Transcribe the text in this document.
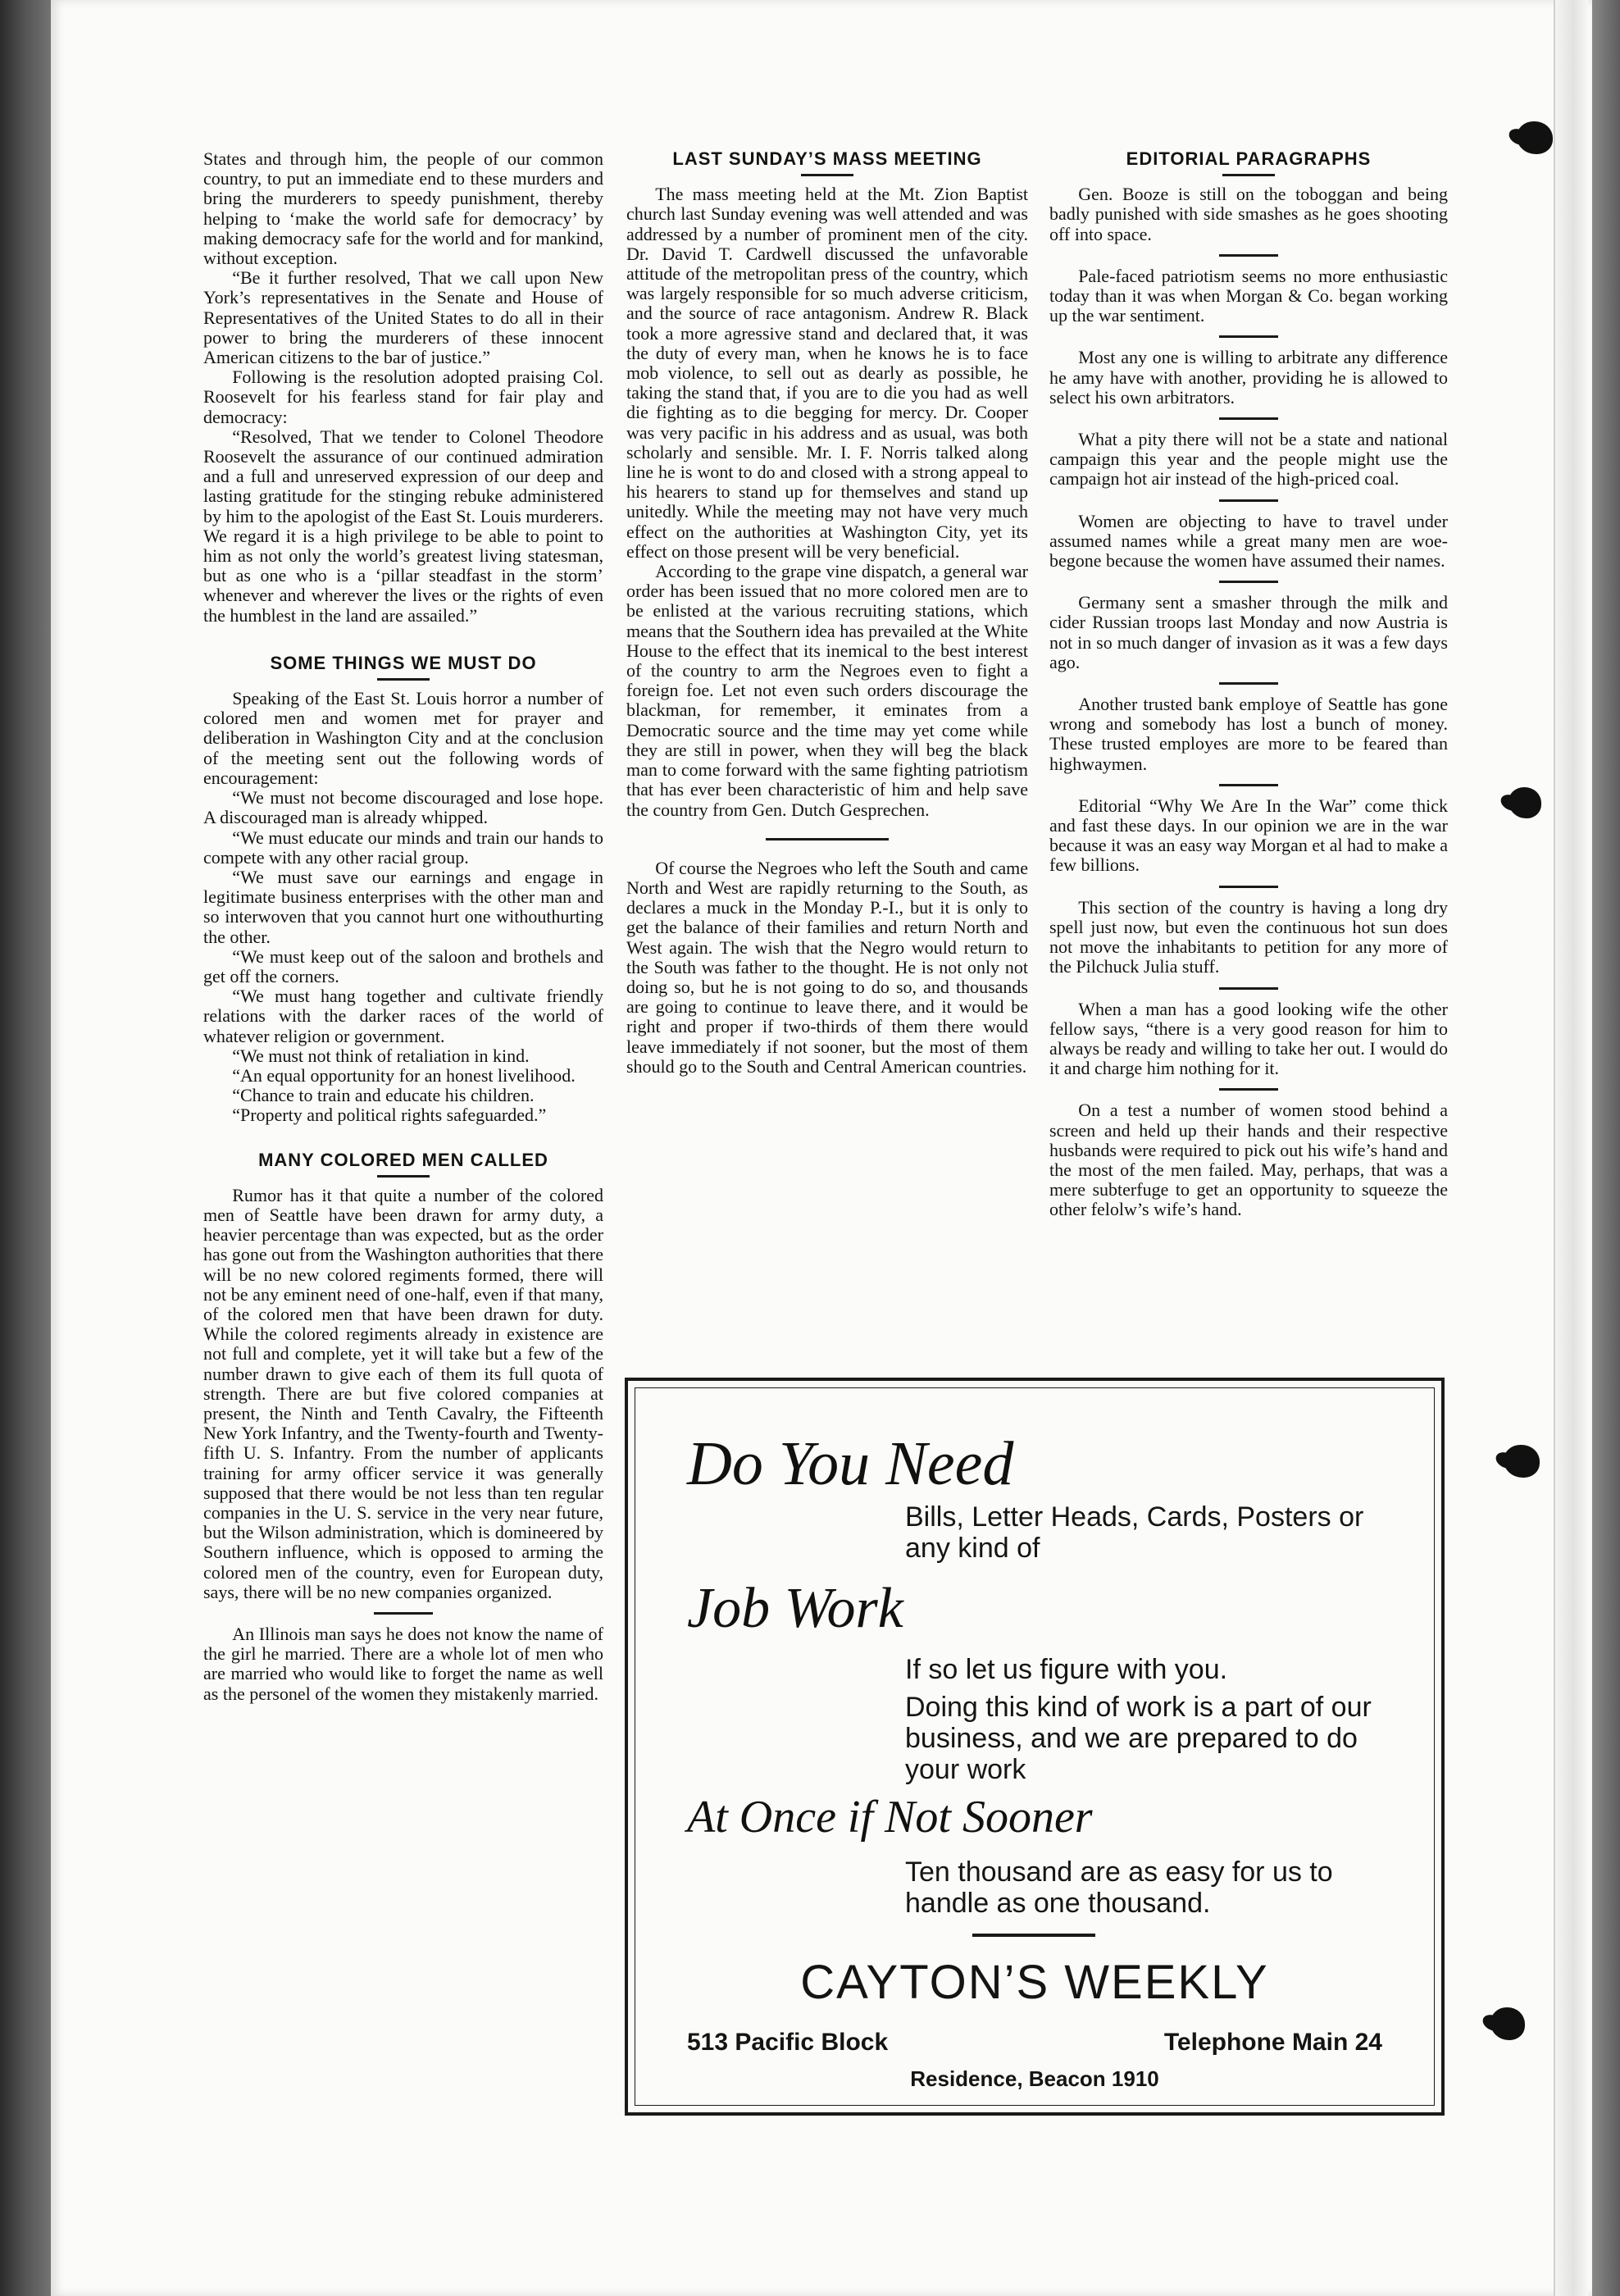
States and through him, the people of our common country, to put an immediate end to these murders and bring the murderers to speedy punishment, thereby helping to ‘make the world safe for democracy’ by making democracy safe for the world and for mankind, without exception.

“Be it further resolved, That we call upon New York’s representatives in the Senate and House of Representatives of the United States to do all in their power to bring the murderers of these innocent American citizens to the bar of justice.”

Following is the resolution adopted praising Col. Roosevelt for his fearless stand for fair play and democracy:

“Resolved, That we tender to Colonel Theodore Roosevelt the assurance of our continued admiration and a full and unreserved expression of our deep and lasting gratitude for the stinging rebuke administered by him to the apologist of the East St. Louis murderers. We regard it is a high privilege to be able to point to him as not only the world’s greatest living statesman, but as one who is a ‘pillar steadfast in the storm’ whenever and wherever the lives or the rights of even the humblest in the land are assailed.”

SOME THINGS WE MUST DO

Speaking of the East St. Louis horror a number of colored men and women met for prayer and deliberation in Washington City and at the conclusion of the meeting sent out the following words of encouragement:

“We must not become discouraged and lose hope. A discouraged man is already whipped.

“We must educate our minds and train our hands to compete with any other racial group.

“We must save our earnings and engage in legitimate business enterprises with the other man and so interwoven that you cannot hurt one withouthurting the other.

“We must keep out of the saloon and brothels and get off the corners.

“We must hang together and cultivate friendly relations with the darker races of the world of whatever religion or government.

“We must not think of retaliation in kind.

“An equal opportunity for an honest livelihood.

“Chance to train and educate his children.

“Property and political rights safeguarded.”

MANY COLORED MEN CALLED

Rumor has it that quite a number of the colored men of Seattle have been drawn for army duty, a heavier percentage than was expected, but as the order has gone out from the Washington authorities that there will be no new colored regiments formed, there will not be any eminent need of one-half, even if that many, of the colored men that have been drawn for duty. While the colored regiments already in existence are not full and complete, yet it will take but a few of the number drawn to give each of them its full quota of strength. There are but five colored companies at present, the Ninth and Tenth Cavalry, the Fifteenth New York Infantry, and the Twenty-fourth and Twenty-fifth U. S. Infantry. From the number of applicants training for army officer service it was generally supposed that there would be not less than ten regular companies in the U. S. service in the very near future, but the Wilson administration, which is domineered by Southern influence, which is opposed to arming the colored men of the country, even for European duty, says, there will be no new companies organized.

An Illinois man says he does not know the name of the girl he married. There are a whole lot of men who are married who would like to forget the name as well as the personel of the women they mistakenly married.

LAST SUNDAY’S MASS MEETING

The mass meeting held at the Mt. Zion Baptist church last Sunday evening was well attended and was addressed by a number of prominent men of the city. Dr. David T. Cardwell discussed the unfavorable attitude of the metropolitan press of the country, which was largely responsible for so much adverse criticism, and the source of race antagonism. Andrew R. Black took a more agressive stand and declared that, it was the duty of every man, when he knows he is to face mob violence, to sell out as dearly as possible, he taking the stand that, if you are to die you had as well die fighting as to die begging for mercy. Dr. Cooper was very pacific in his address and as usual, was both scholarly and sensible. Mr. I. F. Norris talked along line he is wont to do and closed with a strong appeal to his hearers to stand up for themselves and stand up unitedly. While the meeting may not have very much effect on the authorities at Washington City, yet its effect on those present will be very beneficial.

According to the grape vine dispatch, a general war order has been issued that no more colored men are to be enlisted at the various recruiting stations, which means that the Southern idea has prevailed at the White House to the effect that its inemical to the best interest of the country to arm the Negroes even to fight a foreign foe. Let not even such orders discourage the blackman, for remember, it eminates from a Democratic source and the time may yet come while they are still in power, when they will beg the black man to come forward with the same fighting patriotism that has ever been characteristic of him and help save the country from Gen. Dutch Gesprechen.

Of course the Negroes who left the South and came North and West are rapidly returning to the South, as declares a muck in the Monday P.-I., but it is only to get the balance of their families and return North and West again. The wish that the Negro would return to the South was father to the thought. He is not only not doing so, but he is not going to do so, and thousands are going to continue to leave there, and it would be right and proper if two-thirds of them there would leave immediately if not sooner, but the most of them should go to the South and Central American countries.

EDITORIAL PARAGRAPHS

Gen. Booze is still on the toboggan and being badly punished with side smashes as he goes shooting off into space.

Pale-faced patriotism seems no more enthusiastic today than it was when Morgan & Co. began working up the war sentiment.

Most any one is willing to arbitrate any difference he amy have with another, providing he is allowed to select his own arbitrators.

What a pity there will not be a state and national campaign this year and the people might use the campaign hot air instead of the high-priced coal.

Women are objecting to have to travel under assumed names while a great many men are woe-begone because the women have assumed their names.

Germany sent a smasher through the milk and cider Russian troops last Monday and now Austria is not in so much danger of invasion as it was a few days ago.

Another trusted bank employe of Seattle has gone wrong and somebody has lost a bunch of money. These trusted employes are more to be feared than highwaymen.

Editorial “Why We Are In the War” come thick and fast these days. In our opinion we are in the war because it was an easy way Morgan et al had to make a few billions.

This section of the country is having a long dry spell just now, but even the continuous hot sun does not move the inhabitants to petition for any more of the Pilchuck Julia stuff.

When a man has a good looking wife the other fellow says, “there is a very good reason for him to always be ready and willing to take her out. I would do it and charge him nothing for it.

On a test a number of women stood behind a screen and held up their hands and their respective husbands were required to pick out his wife’s hand and the most of the men failed. May, perhaps, that was a mere subterfuge to get an opportunity to squeeze the other felolw’s wife’s hand.

Do You Need
Bills, Letter Heads, Cards, Posters or any kind of
Job Work
If so let us figure with you.
Doing this kind of work is a part of our business, and we are prepared to do your work
At Once if Not Sooner
Ten thousand are as easy for us to handle as one thousand.
CAYTON’S WEEKLY
513 Pacific Block	Telephone Main 24
Residence, Beacon 1910
